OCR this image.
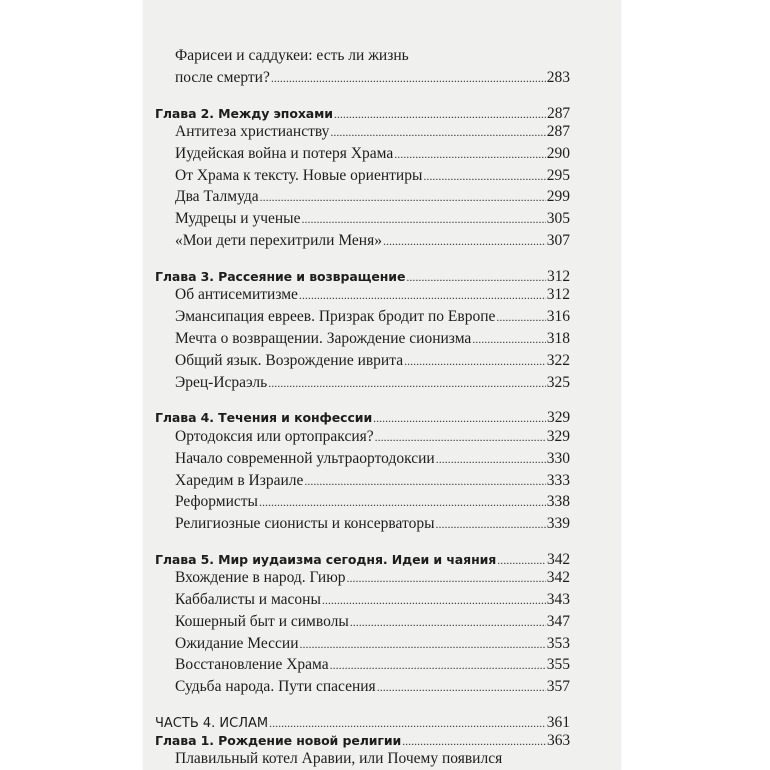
Фарисеи и саддукеи: есть ли жизнь
после смерти? .....	283
Глава 2. Между эпохами .....	287
Антитеза христианству .....	287
Иудейская война и потеря Храма .....	290
От Храма к тексту. Новые ориентиры .....	295
Два Талмуда .....	299
Мудрецы и ученые .....	305
«Мои дети перехитрили Меня» .....	307
Глава 3. Рассеяние и возвращение .....	312
Об антисемитизме .....	312
Эмансипация евреев. Призрак бродит по Европе .....	316
Мечта о возвращении. Зарождение сионизма .....	318
Общий язык. Возрождение иврита .....	322
Эрец-Исраэль .....	325
Глава 4. Течения и конфессии .....	329
Ортодоксия или ортопраксия? .....	329
Начало современной ультраортодоксии .....	330
Харедим в Израиле .....	333
Реформисты .....	338
Религиозные сионисты и консерваторы .....	339
Глава 5. Мир иудаизма сегодня. Идеи и чаяния .....	342
Вхождение в народ. Гиюр .....	342
Каббалисты и масоны .....	343
Кошерный быт и символы .....	347
Ожидание Мессии .....	353
Восстановление Храма .....	355
Судьба народа. Пути спасения .....	357
ЧАСТЬ 4. ИСЛАМ .....	361
Глава 1. Рождение новой религии .....	363
Плавильный котел Аравии, или Почему появился
